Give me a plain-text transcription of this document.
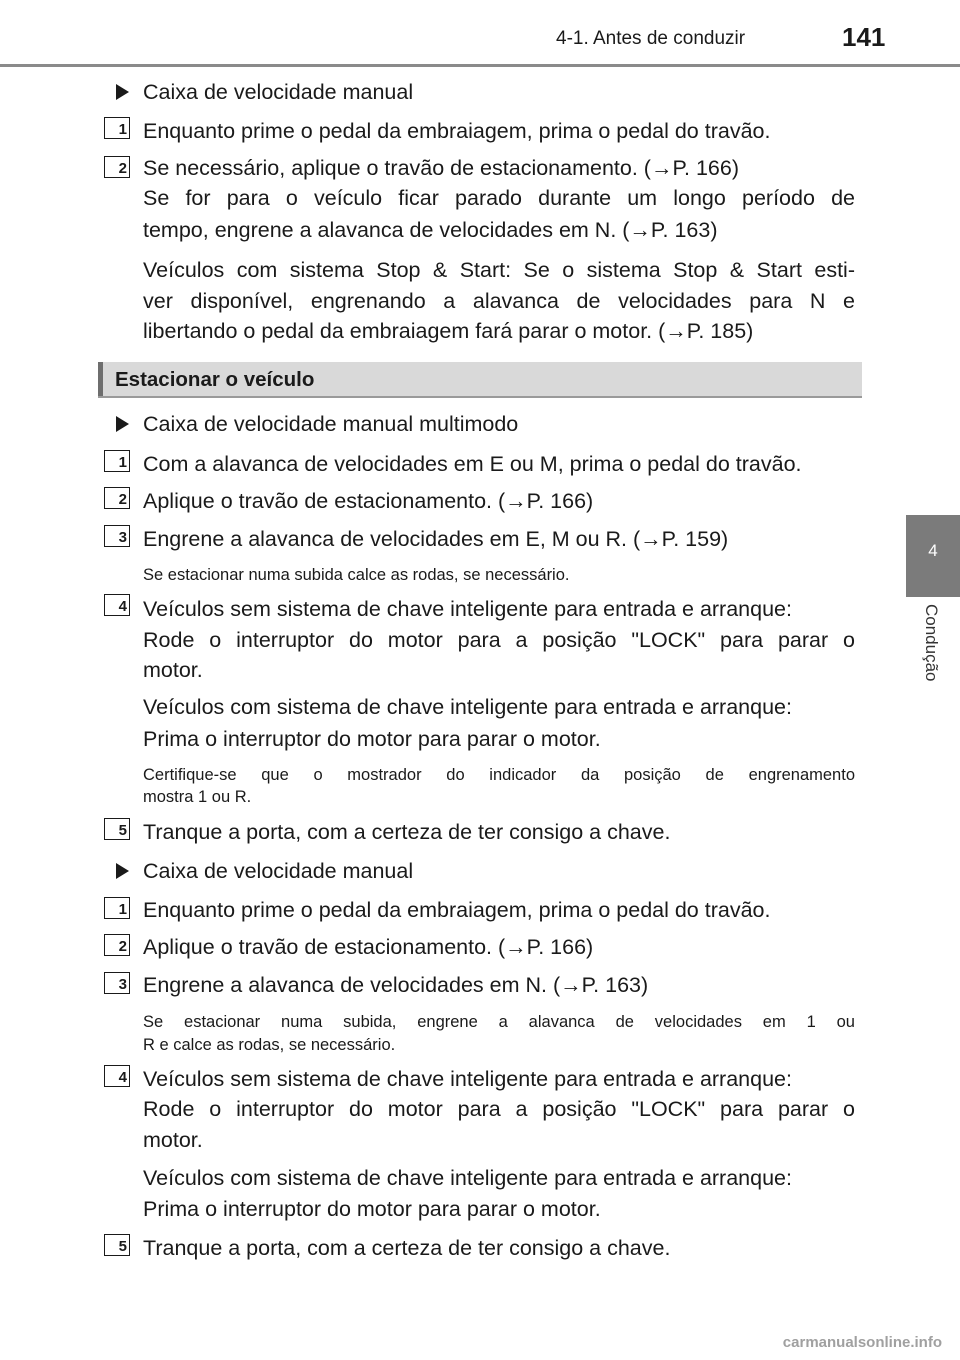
4-1. Antes de conduzir	141
4
Condução
Caixa de velocidade manual
1 Enquanto prime o pedal da embraiagem, prima o pedal do travão.
2 Se necessário, aplique o travão de estacionamento. (→P. 166)
Se for para o veículo ficar parado durante um longo período de
tempo, engrene a alavanca de velocidades em N. (→P. 163)
Veículos com sistema Stop & Start: Se o sistema Stop & Start esti-
ver disponível, engrenando a alavanca de velocidades para N e
libertando o pedal da embraiagem fará parar o motor. (→P. 185)
Estacionar o veículo
Caixa de velocidade manual multimodo
1 Com a alavanca de velocidades em E ou M, prima o pedal do travão.
2 Aplique o travão de estacionamento. (→P. 166)
3 Engrene a alavanca de velocidades em E, M ou R. (→P. 159)
Se estacionar numa subida calce as rodas, se necessário.
4 Veículos sem sistema de chave inteligente para entrada e arranque:
Rode o interruptor do motor para a posição "LOCK" para parar o
motor.
Veículos com sistema de chave inteligente para entrada e arranque:
Prima o interruptor do motor para parar o motor.
Certifique-se que o mostrador do indicador da posição de engrenamento
mostra 1 ou R.
5 Tranque a porta, com a certeza de ter consigo a chave.
Caixa de velocidade manual
1 Enquanto prime o pedal da embraiagem, prima o pedal do travão.
2 Aplique o travão de estacionamento. (→P. 166)
3 Engrene a alavanca de velocidades em N. (→P. 163)
Se estacionar numa subida, engrene a alavanca de velocidades em 1 ou
R e calce as rodas, se necessário.
4 Veículos sem sistema de chave inteligente para entrada e arranque:
Rode o interruptor do motor para a posição "LOCK" para parar o
motor.
Veículos com sistema de chave inteligente para entrada e arranque:
Prima o interruptor do motor para parar o motor.
5 Tranque a porta, com a certeza de ter consigo a chave.
carmanualsonline.info
